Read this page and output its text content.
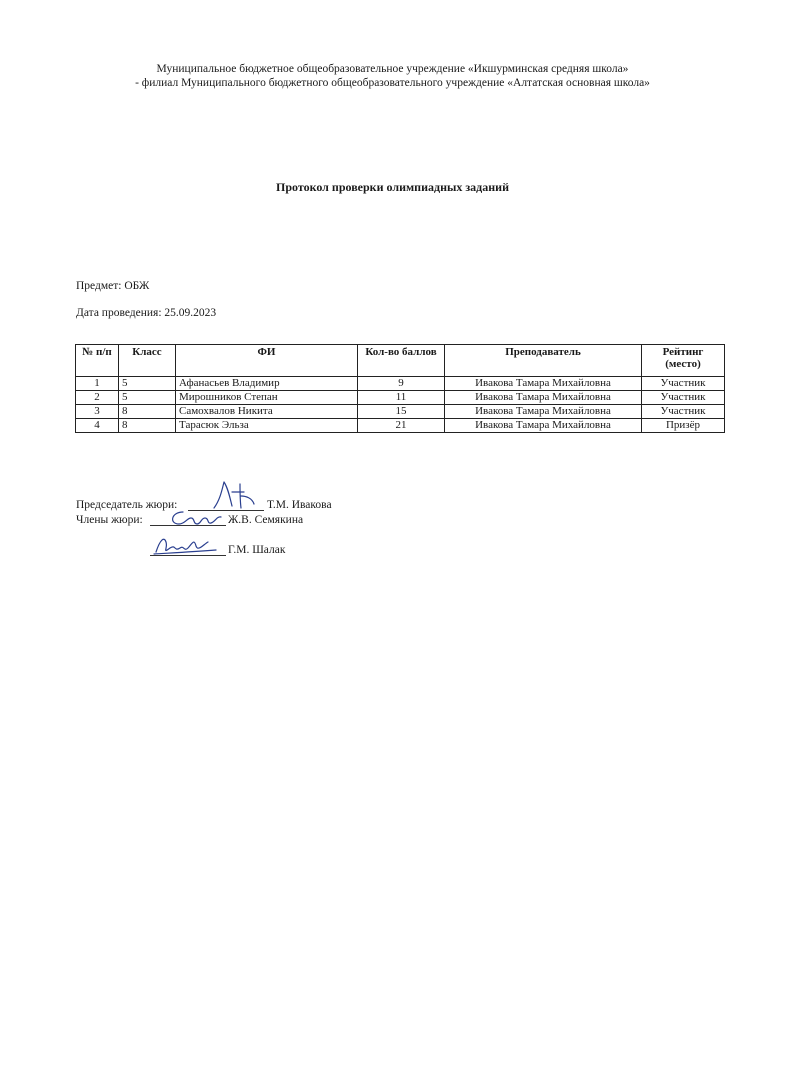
Муниципальное бюджетное общеобразовательное учреждение «Икшурминская средняя школа»
- филиал Муниципального бюджетного общеобразовательного учреждение «Алтатская основная школа»
Протокол проверки олимпиадных заданий
Предмет: ОБЖ
Дата проведения: 25.09.2023
№ п/п	Класс	ФИ	Кол-во баллов	Преподаватель	Рейтинг (место)
1	5	Афанасьев Владимир	9	Ивакова Тамара Михайловна	Участник
2	5	Мирошников Степан	11	Ивакова Тамара Михайловна	Участник
3	8	Самохвалов Никита	15	Ивакова Тамара Михайловна	Участник
4	8	Тарасюк Эльза	21	Ивакова Тамара Михайловна	Призёр
Председатель жюри:	Т.М. Ивакова
Члены жюри:	Ж.В. Семякина
Г.М. Шалак
